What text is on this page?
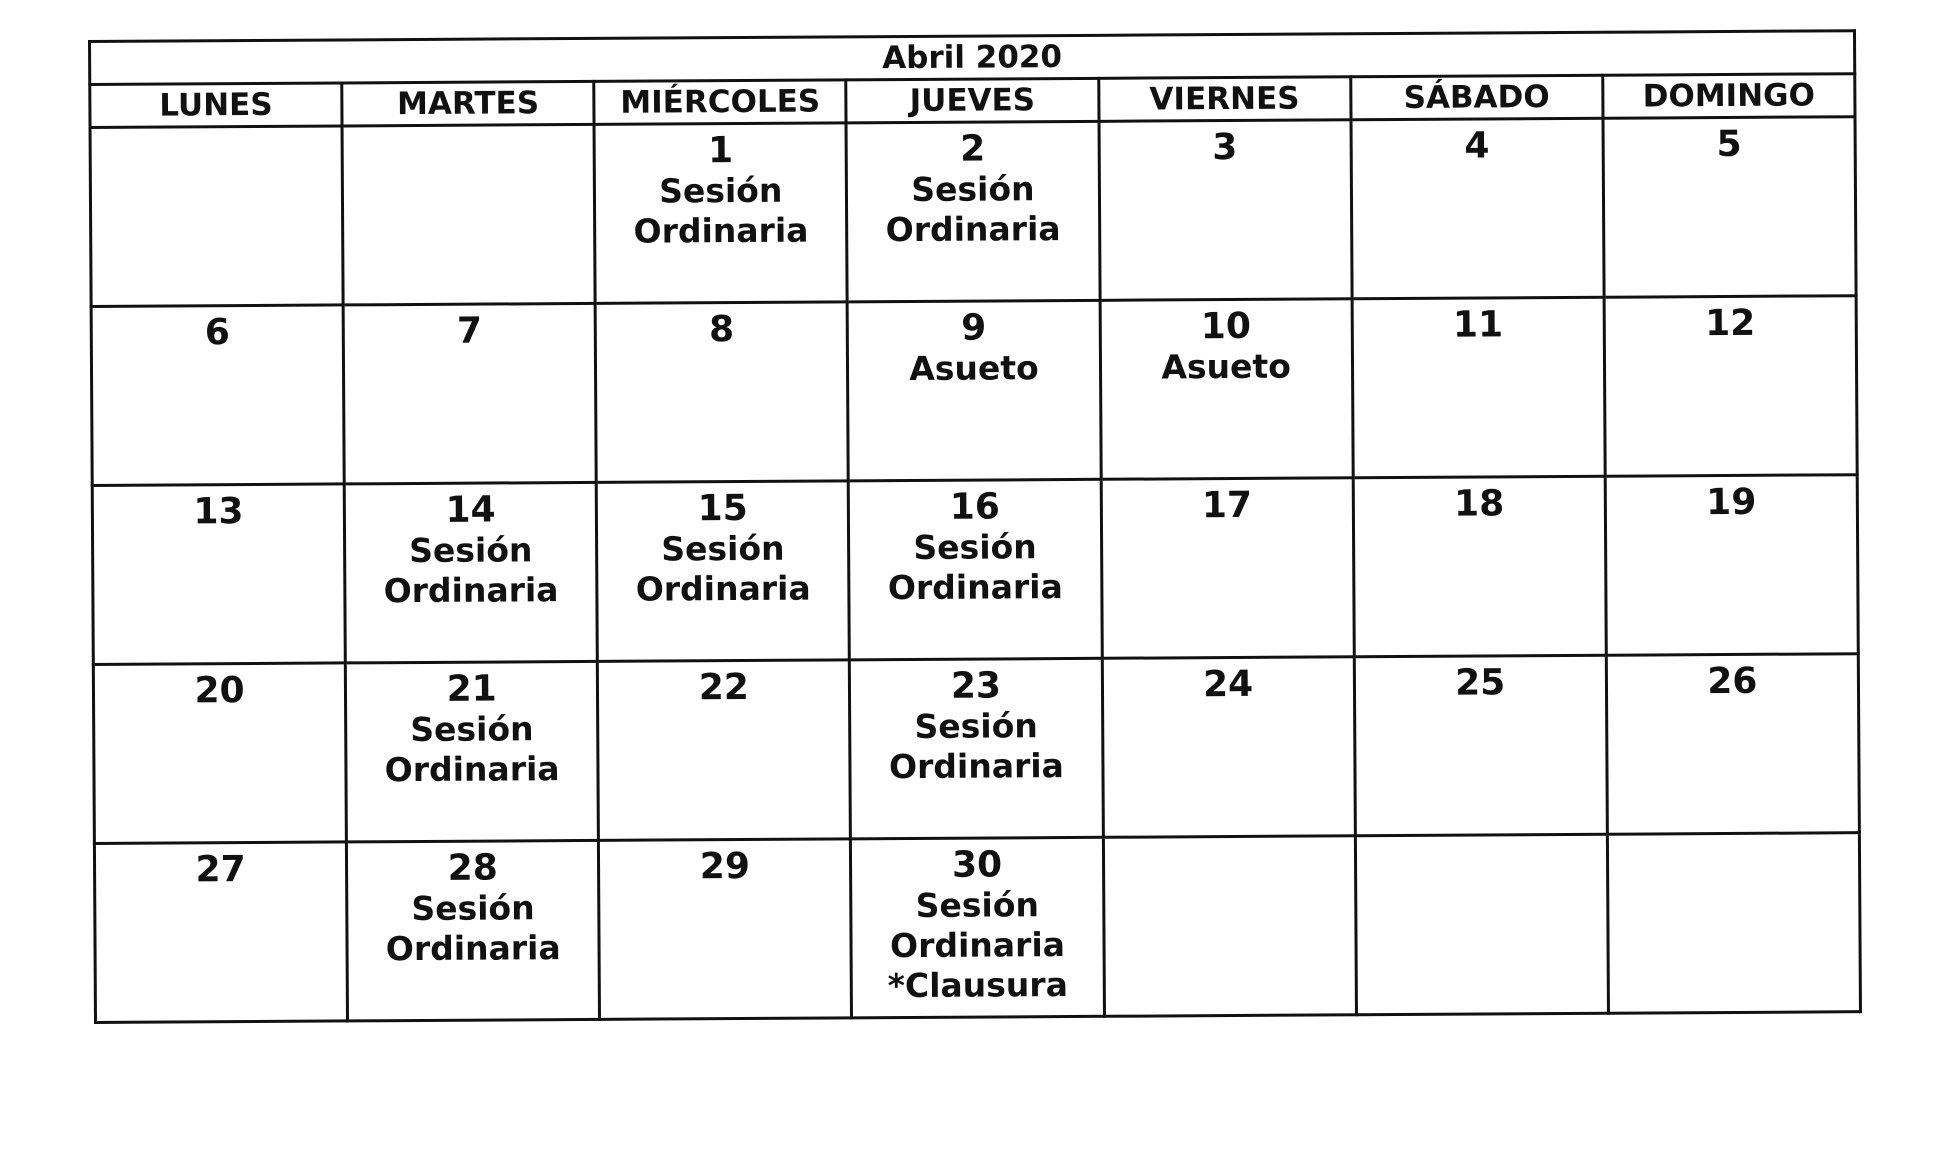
Abril 2020						
LUNES	MARTES	MIÉRCOLES	JUEVES	VIERNES	SÁBADO	DOMINGO

		1
Sesión
Ordinaria	2
Sesión
Ordinaria	3	4	5

6	7	8	9
Asueto	10
Asueto	11	12

13	14
Sesión
Ordinaria	15
Sesión
Ordinaria	16
Sesión
Ordinaria	17	18	19

20	21
Sesión
Ordinaria	22	23
Sesión
Ordinaria	24	25	26

27	28
Sesión
Ordinaria	29	30
Sesión
Ordinaria
*Clausura			
